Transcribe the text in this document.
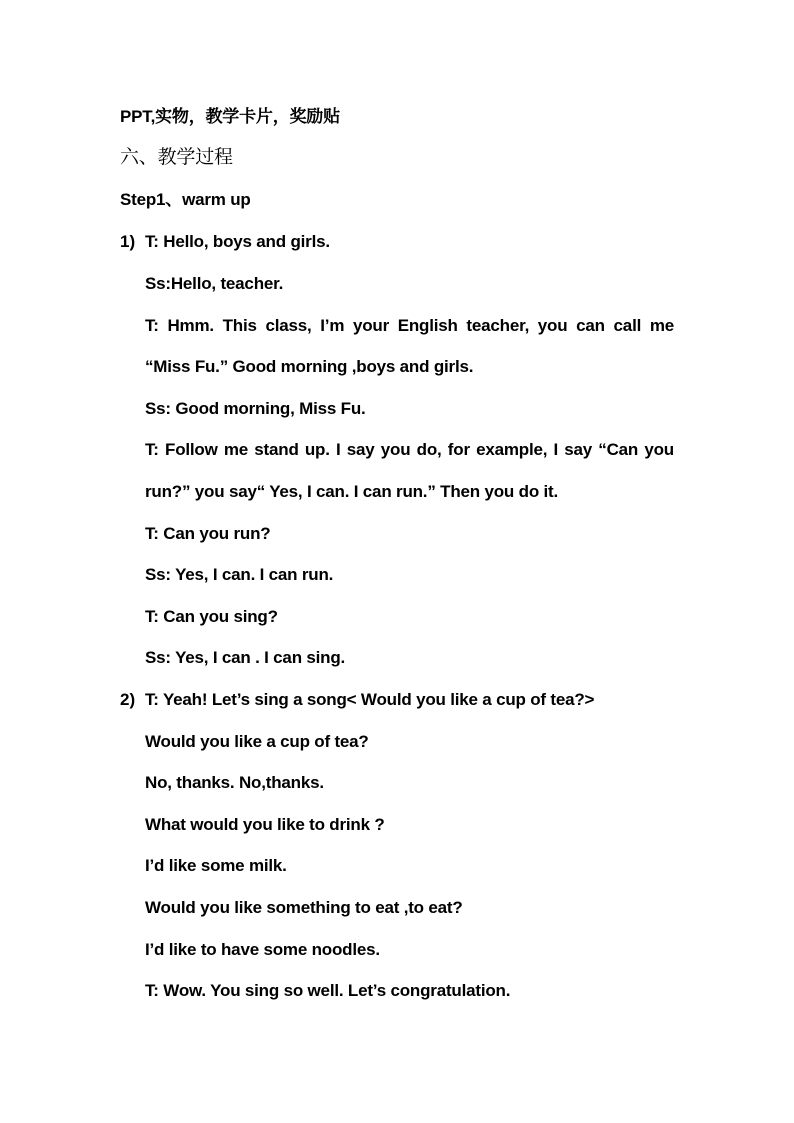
PPT,实物，教学卡片，奖励贴
六、教学过程
Step1、warm up
1) T: Hello, boys and girls.
Ss:Hello, teacher.
T: Hmm. This class, I’m your English teacher, you can call me
“Miss Fu.” Good morning ,boys and girls.
Ss: Good morning, Miss Fu.
T: Follow me stand up. I say you do, for example, I say “Can you
run?” you say“ Yes, I can. I can run.” Then you do it.
T: Can you run?
Ss: Yes, I can. I can run.
T: Can you sing?
Ss: Yes, I can . I can sing.
2) T: Yeah! Let’s sing a song< Would you like a cup of tea?>
Would you like a cup of tea?
No, thanks. No,thanks.
What would you like to drink ?
I’d like some milk.
Would you like something to eat ,to eat?
I’d like to have some noodles.
T: Wow. You sing so well. Let’s congratulation.
